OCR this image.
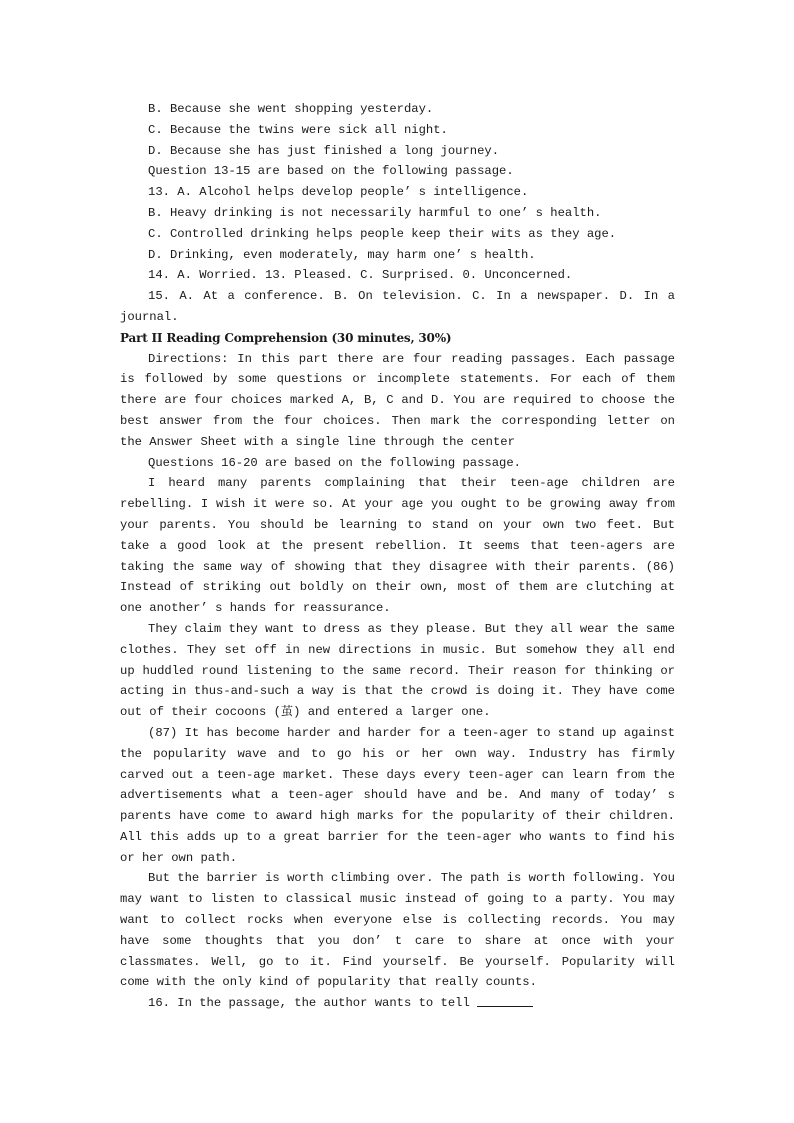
B. Because she went shopping yesterday.
C. Because the twins were sick all night.
D. Because she has just finished a long journey.
Question 13-15 are based on the following passage.
13. A. Alcohol helps develop people’ s intelligence.
B. Heavy drinking is not necessarily harmful to one’ s health.
C. Controlled drinking helps people keep their wits as they age.
D. Drinking, even moderately, may harm one’ s health.
14. A. Worried. 13. Pleased. C. Surprised. 0. Unconcerned.
15. A. At a conference. B. On television. C. In a newspaper. D. In a journal.
Part II Reading Comprehension (30 minutes, 30%)
Directions: In this part there are four reading passages. Each passage is followed by some questions or incomplete statements. For each of them there are four choices marked A, B, C and D. You are required to choose the best answer from the four choices. Then mark the corresponding letter on the Answer Sheet with a single line through the center
Questions 16-20 are based on the following passage.
I heard many parents complaining that their teen-age children are rebelling. I wish it were so. At your age you ought to be growing away from your parents. You should be learning to stand on your own two feet. But take a good look at the present rebellion. It seems that teen-agers are taking the same way of showing that they disagree with their parents. (86) Instead of striking out boldly on their own, most of them are clutching at one another’ s hands for reassurance.
They claim they want to dress as they please. But they all wear the same clothes. They set off in new directions in music. But somehow they all end up huddled round listening to the same record. Their reason for thinking or acting in thus-and-such a way is that the crowd is doing it. They have come out of their cocoons (茧) and entered a larger one.
(87) It has become harder and harder for a teen-ager to stand up against the popularity wave and to go his or her own way. Industry has firmly carved out a teen-age market. These days every teen-ager can learn from the advertisements what a teen-ager should have and be. And many of today’ s parents have come to award high marks for the popularity of their children. All this adds up to a great barrier for the teen-ager who wants to find his or her own path.
But the barrier is worth climbing over. The path is worth following. You may want to listen to classical music instead of going to a party. You may want to collect rocks when everyone else is collecting records. You may have some thoughts that you don’ t care to share at once with your classmates. Well, go to it. Find yourself. Be yourself. Popularity will come with the only kind of popularity that really counts.
16. In the passage, the author wants to tell
